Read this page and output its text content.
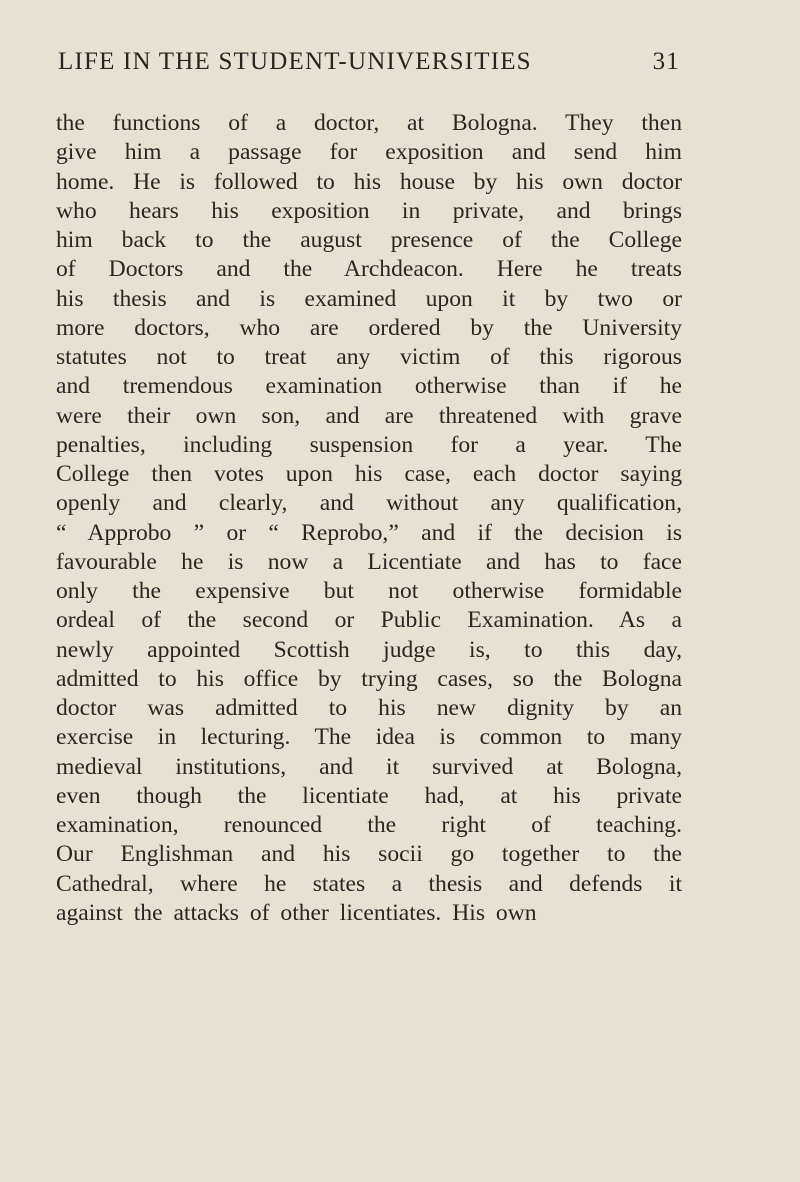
LIFE IN THE STUDENT-UNIVERSITIES	31
the functions of a doctor, at Bologna. They then
give him a passage for exposition and send him
home. He is followed to his house by his own doctor
who hears his exposition in private, and brings
him back to the august presence of the College
of Doctors and the Archdeacon. Here he treats
his thesis and is examined upon it by two or
more doctors, who are ordered by the University
statutes not to treat any victim of this rigorous
and tremendous examination otherwise than if he
were their own son, and are threatened with grave
penalties, including suspension for a year. The
College then votes upon his case, each doctor saying
openly and clearly, and without any qualification,
“ Approbo ” or “ Reprobo,” and if the decision is
favourable he is now a Licentiate and has to face
only the expensive but not otherwise formidable
ordeal of the second or Public Examination. As a
newly appointed Scottish judge is, to this day,
admitted to his office by trying cases, so the Bologna
doctor was admitted to his new dignity by an
exercise in lecturing. The idea is common to many
medieval institutions, and it survived at Bologna,
even though the licentiate had, at his private
examination, renounced the right of teaching.
Our Englishman and his socii go together to the
Cathedral, where he states a thesis and defends it
against the attacks of other licentiates. His own
